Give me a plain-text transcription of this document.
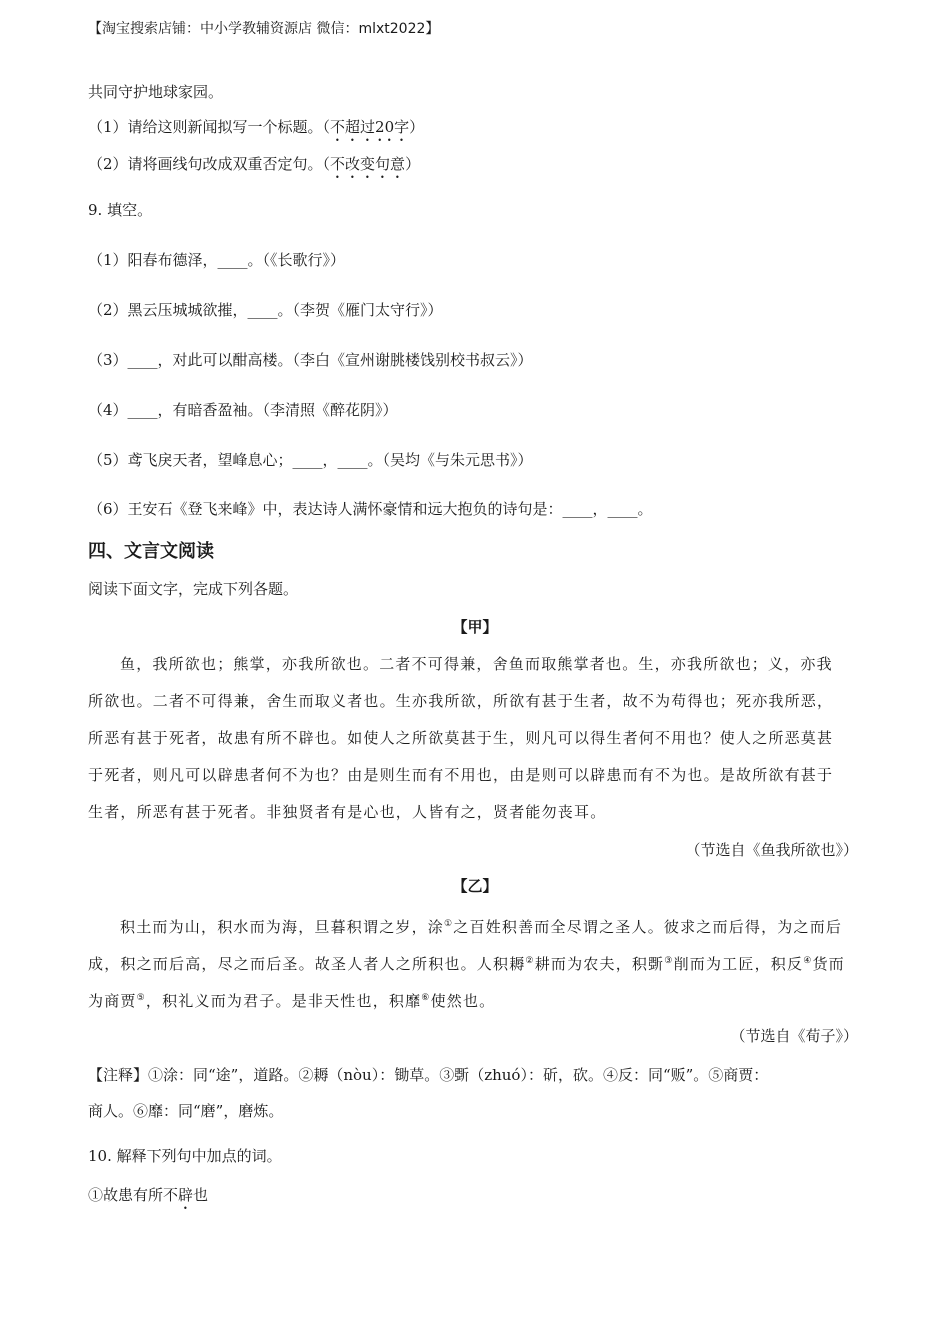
【淘宝搜索店铺：中小学教辅资源店 微信：mlxt2022】
共同守护地球家园。
（1）请给这则新闻拟写一个标题。（不超过20字）
（2）请将画线句改成双重否定句。（不改变句意）
9. 填空。
（1）阳春布德泽，____。（《长歌行》）
（2）黑云压城城欲摧，____。（李贺《雁门太守行》）
（3）____，对此可以酣高楼。（李白《宣州谢朓楼饯别校书叔云》）
（4）____，有暗香盈袖。（李清照《醉花阴》）
（5）鸢飞戾天者，望峰息心；____，____。（吴均《与朱元思书》）
（6）王安石《登飞来峰》中，表达诗人满怀豪情和远大抱负的诗句是：____，____。
四、文言文阅读
阅读下面文字，完成下列各题。
【甲】
鱼，我所欲也；熊掌，亦我所欲也。二者不可得兼，舍鱼而取熊掌者也。生，亦我所欲也；义，亦我
所欲也。二者不可得兼，舍生而取义者也。生亦我所欲，所欲有甚于生者，故不为苟得也；死亦我所恶，
所恶有甚于死者，故患有所不辟也。如使人之所欲莫甚于生，则凡可以得生者何不用也？使人之所恶莫甚
于死者，则凡可以辟患者何不为也？由是则生而有不用也，由是则可以辟患而有不为也。是故所欲有甚于
生者，所恶有甚于死者。非独贤者有是心也，人皆有之，贤者能勿丧耳。
（节选自《鱼我所欲也》）
【乙】
积土而为山，积水而为海，旦暮积谓之岁，涂①之百姓积善而全尽谓之圣人。彼求之而后得，为之而后
成，积之而后高，尽之而后圣。故圣人者人之所积也。人积耨②耕而为农夫，积斲③削而为工匠，积反④货而
为商贾⑤，积礼义而为君子。是非天性也，积靡⑥使然也。
（节选自《荀子》）
【注释】①涂：同“途”，道路。②耨（nòu）：锄草。③斲（zhuó）：斫，砍。④反：同“贩”。⑤商贾：
商人。⑥靡：同“磨”，磨炼。
10. 解释下列句中加点的词。
①故患有所不辟也
